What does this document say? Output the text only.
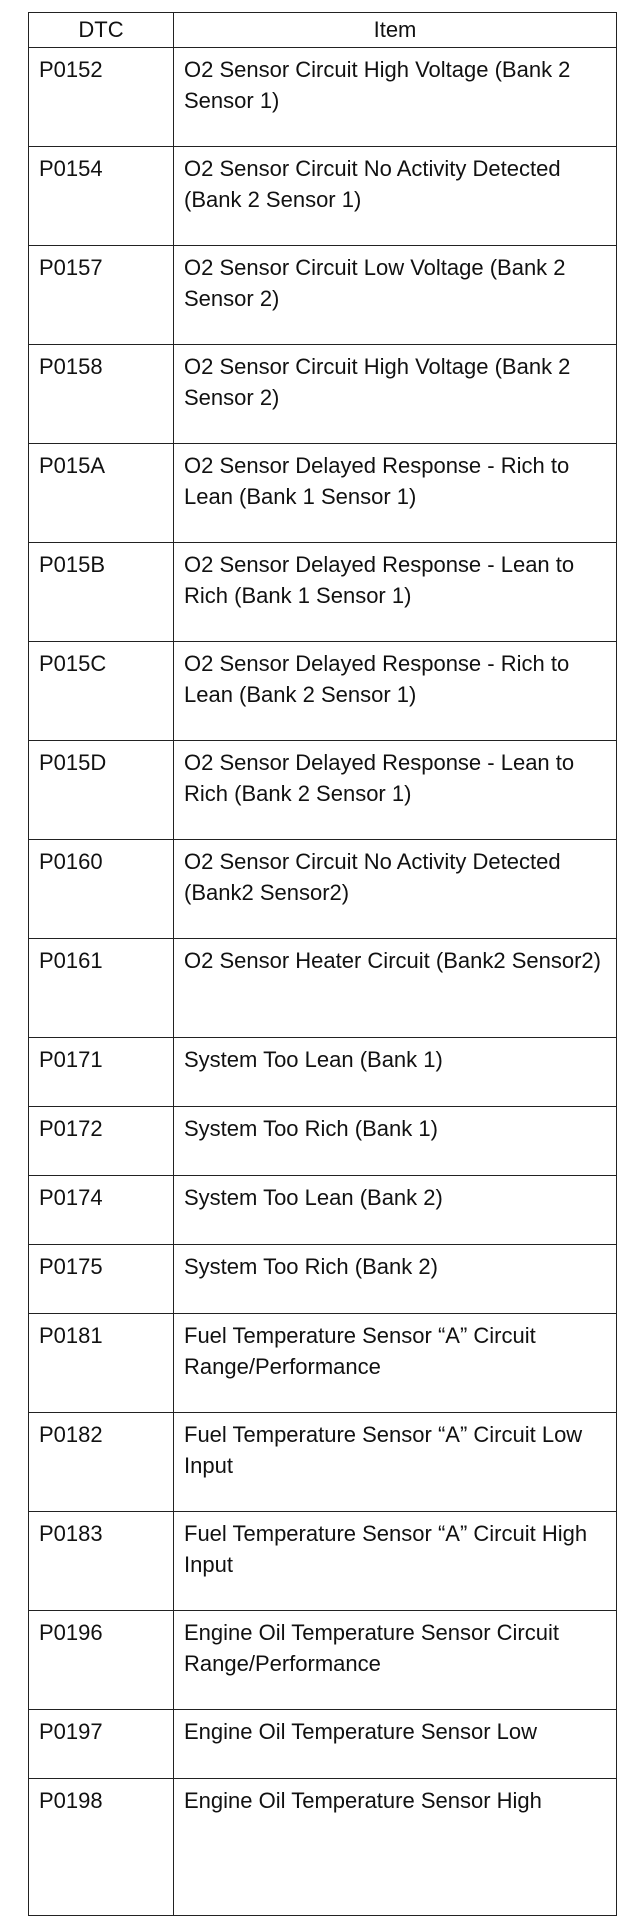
DTC	Item
P0152	O2 Sensor Circuit High Voltage (Bank 2 Sensor 1)
P0154	O2 Sensor Circuit No Activity Detected (Bank 2 Sensor 1)
P0157	O2 Sensor Circuit Low Voltage (Bank 2 Sensor 2)
P0158	O2 Sensor Circuit High Voltage (Bank 2 Sensor 2)
P015A	O2 Sensor Delayed Response - Rich to Lean (Bank 1 Sensor 1)
P015B	O2 Sensor Delayed Response - Lean to Rich (Bank 1 Sensor 1)
P015C	O2 Sensor Delayed Response - Rich to Lean (Bank 2 Sensor 1)
P015D	O2 Sensor Delayed Response - Lean to Rich (Bank 2 Sensor 1)
P0160	O2 Sensor Circuit No Activity Detected (Bank2 Sensor2)
P0161	O2 Sensor Heater Circuit (Bank2 Sensor2)
P0171	System Too Lean (Bank 1)
P0172	System Too Rich (Bank 1)
P0174	System Too Lean (Bank 2)
P0175	System Too Rich (Bank 2)
P0181	Fuel Temperature Sensor “A” Circuit Range/Performance
P0182	Fuel Temperature Sensor “A” Circuit Low Input
P0183	Fuel Temperature Sensor “A” Circuit High Input
P0196	Engine Oil Temperature Sensor Circuit Range/Performance
P0197	Engine Oil Temperature Sensor Low
P0198	Engine Oil Temperature Sensor High
